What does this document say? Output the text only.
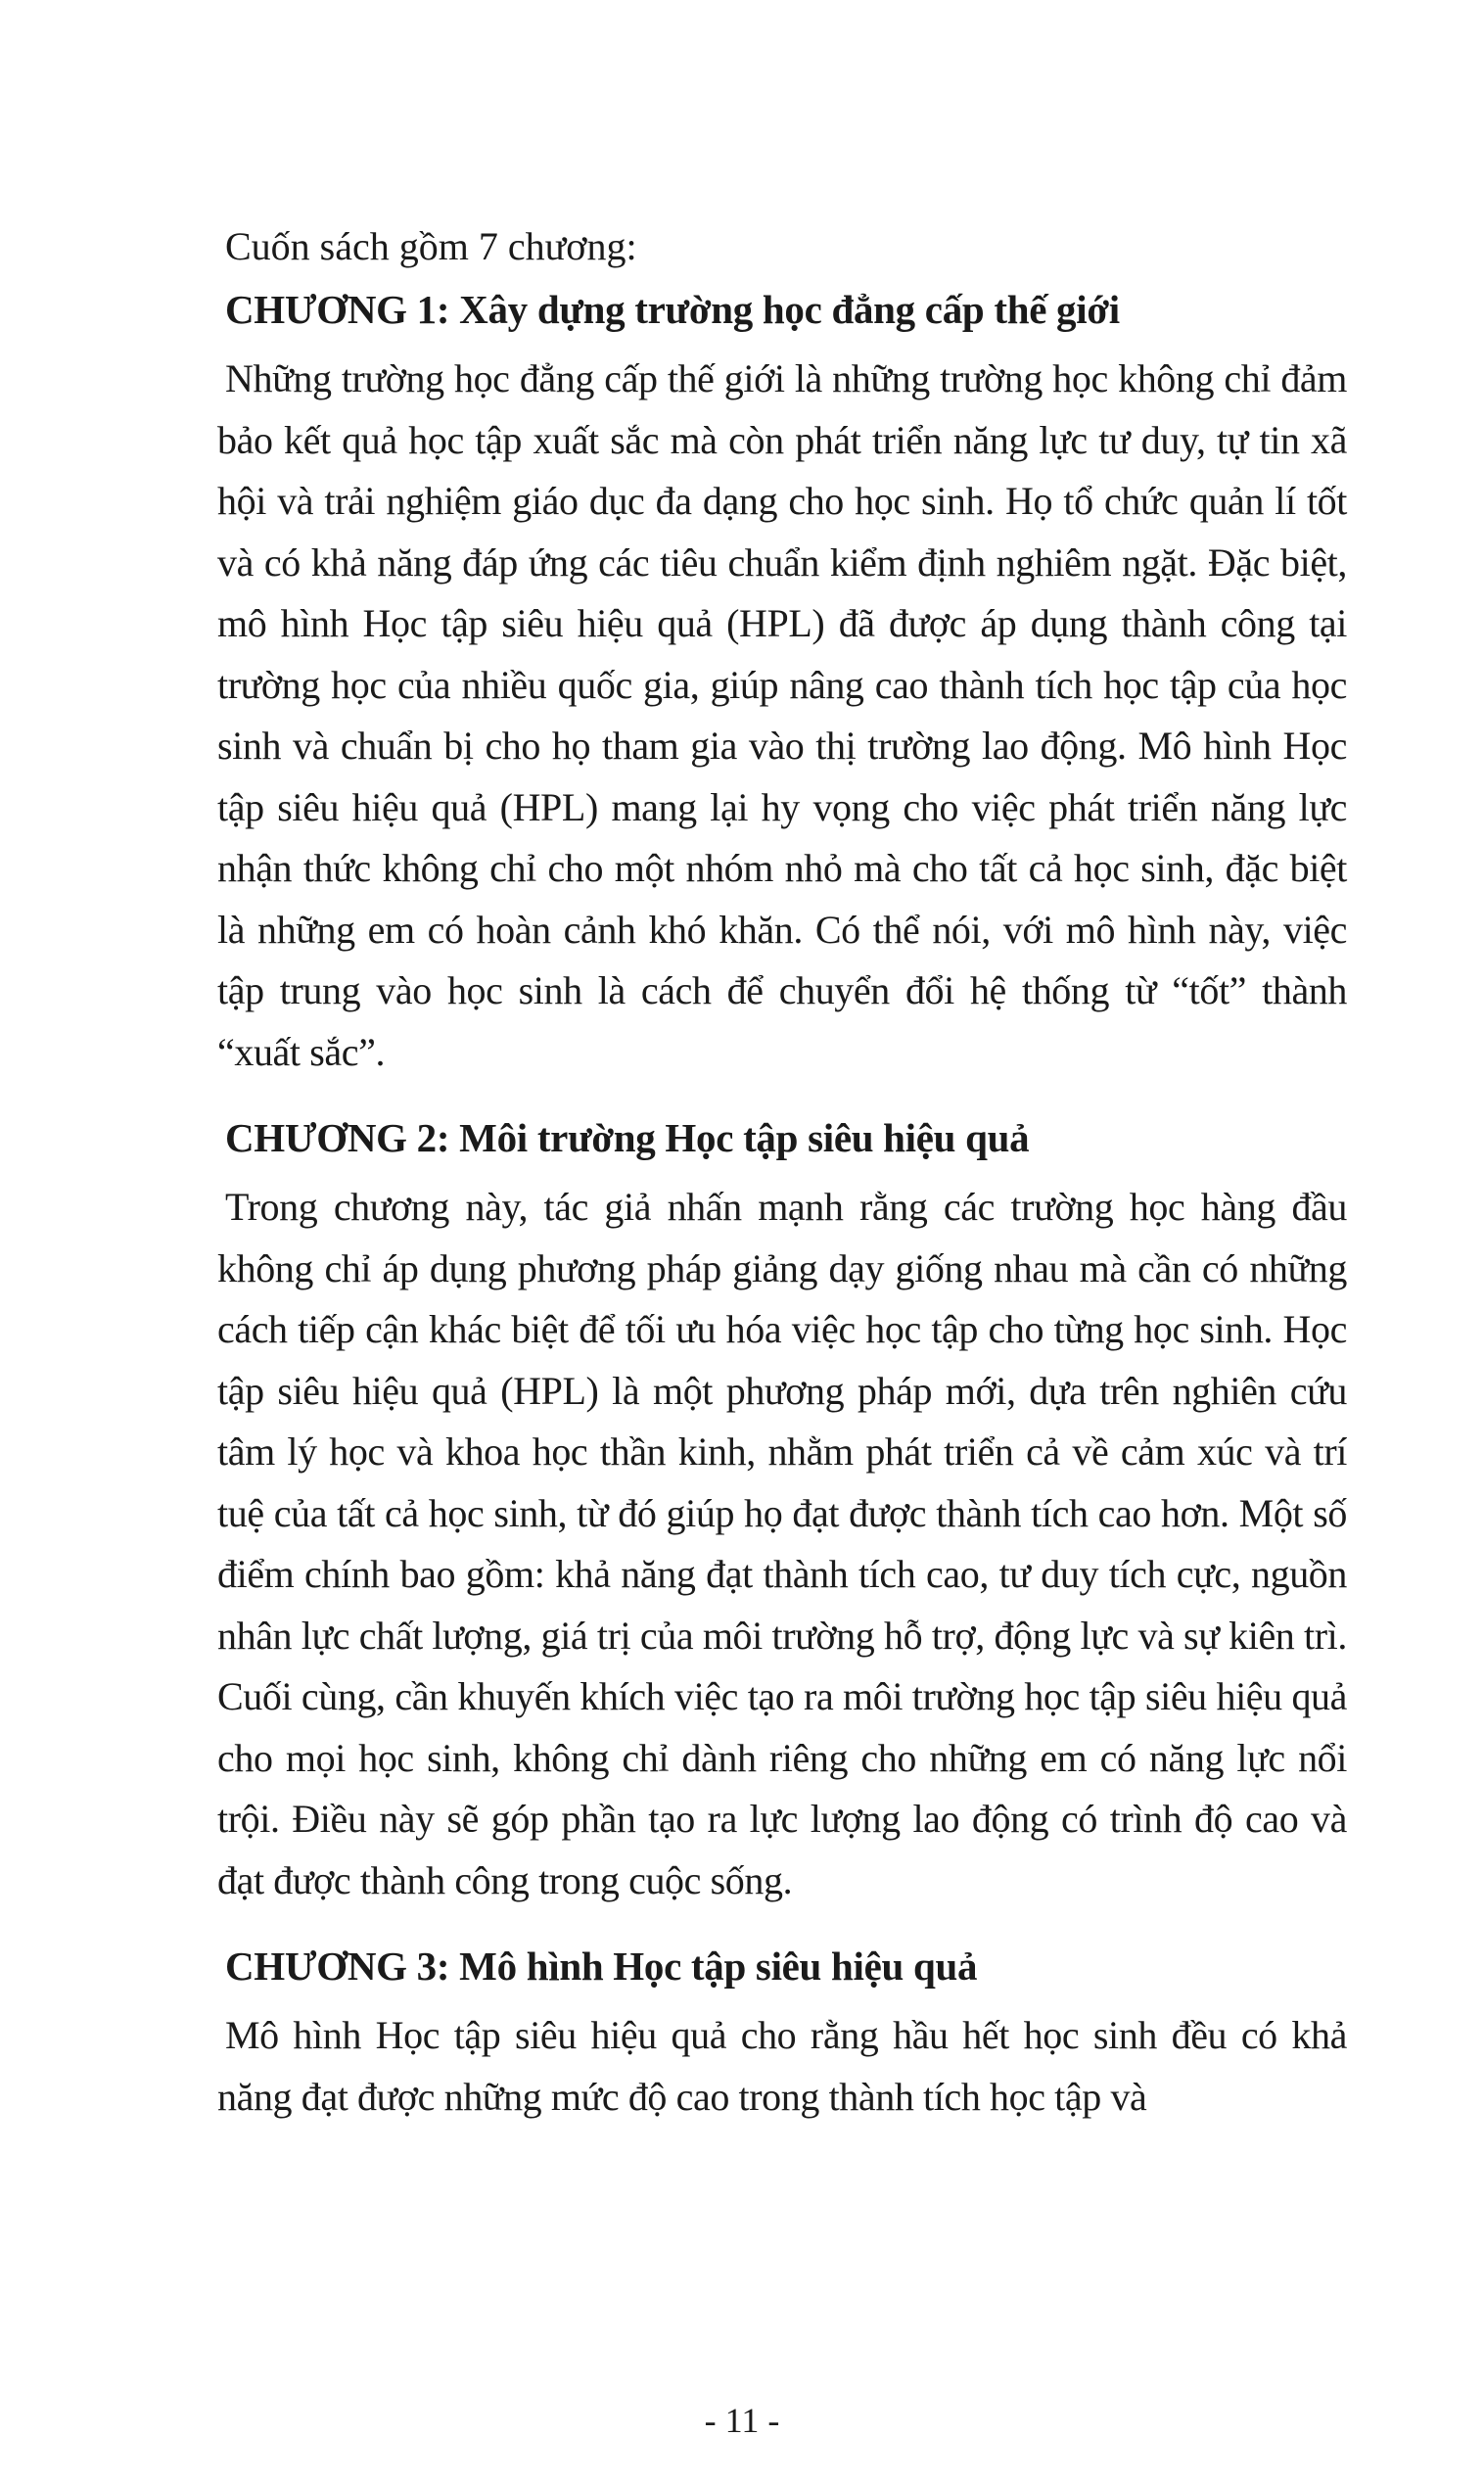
Cuốn sách gồm 7 chương:

CHƯƠNG 1: Xây dựng trường học đẳng cấp thế giới

Những trường học đẳng cấp thế giới là những trường học không chỉ đảm bảo kết quả học tập xuất sắc mà còn phát triển năng lực tư duy, tự tin xã hội và trải nghiệm giáo dục đa dạng cho học sinh. Họ tổ chức quản lí tốt và có khả năng đáp ứng các tiêu chuẩn kiểm định nghiêm ngặt. Đặc biệt, mô hình Học tập siêu hiệu quả (HPL) đã được áp dụng thành công tại trường học của nhiều quốc gia, giúp nâng cao thành tích học tập của học sinh và chuẩn bị cho họ tham gia vào thị trường lao động. Mô hình Học tập siêu hiệu quả (HPL) mang lại hy vọng cho việc phát triển năng lực nhận thức không chỉ cho một nhóm nhỏ mà cho tất cả học sinh, đặc biệt là những em có hoàn cảnh khó khăn. Có thể nói, với mô hình này, việc tập trung vào học sinh là cách để chuyển đổi hệ thống từ “tốt” thành “xuất sắc”.

CHƯƠNG 2: Môi trường Học tập siêu hiệu quả

Trong chương này, tác giả nhấn mạnh rằng các trường học hàng đầu không chỉ áp dụng phương pháp giảng dạy giống nhau mà cần có những cách tiếp cận khác biệt để tối ưu hóa việc học tập cho từng học sinh. Học tập siêu hiệu quả (HPL) là một phương pháp mới, dựa trên nghiên cứu tâm lý học và khoa học thần kinh, nhằm phát triển cả về cảm xúc và trí tuệ của tất cả học sinh, từ đó giúp họ đạt được thành tích cao hơn. Một số điểm chính bao gồm: khả năng đạt thành tích cao, tư duy tích cực, nguồn nhân lực chất lượng, giá trị của môi trường hỗ trợ, động lực và sự kiên trì. Cuối cùng, cần khuyến khích việc tạo ra môi trường học tập siêu hiệu quả cho mọi học sinh, không chỉ dành riêng cho những em có năng lực nổi trội. Điều này sẽ góp phần tạo ra lực lượng lao động có trình độ cao và đạt được thành công trong cuộc sống.

CHƯƠNG 3: Mô hình Học tập siêu hiệu quả

Mô hình Học tập siêu hiệu quả cho rằng hầu hết học sinh đều có khả năng đạt được những mức độ cao trong thành tích học tập và

- 11 -
